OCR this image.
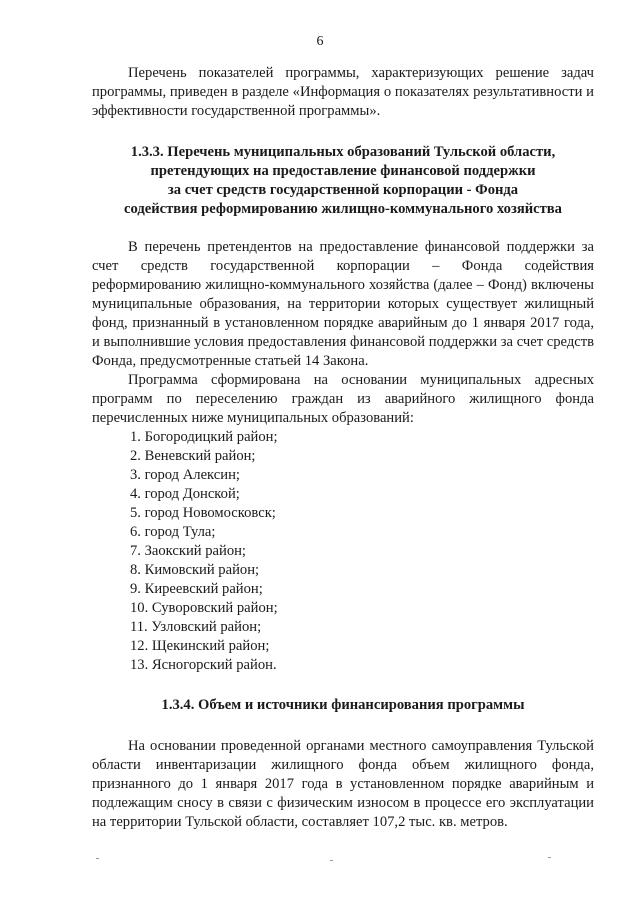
6

Перечень показателей программы, характеризующих решение задач программы, приведен в разделе «Информация о показателях результативности и эффективности государственной программы».

1.3.3. Перечень муниципальных образований Тульской области,
претендующих на предоставление финансовой поддержки
за счет средств государственной корпорации - Фонда
содействия реформированию жилищно-коммунального хозяйства

В перечень претендентов на предоставление финансовой поддержки за счет средств государственной корпорации – Фонда содействия реформированию жилищно-коммунального хозяйства (далее – Фонд) включены муниципальные образования, на территории которых существует жилищный фонд, признанный в установленном порядке аварийным до 1 января 2017 года, и выполнившие условия предоставления финансовой поддержки за счет средств Фонда, предусмотренные статьей 14 Закона.

Программа сформирована на основании муниципальных адресных программ по переселению граждан из аварийного жилищного фонда перечисленных ниже муниципальных образований:

1. Богородицкий район;
2. Веневский район;
3. город Алексин;
4. город Донской;
5. город Новомосковск;
6. город Тула;
7. Заокский район;
8. Кимовский район;
9. Киреевский район;
10. Суворовский район;
11. Узловский район;
12. Щекинский район;
13. Ясногорский район.
1.3.4. Объем и источники финансирования программы

На основании проведенной органами местного самоуправления Тульской области инвентаризации жилищного фонда объем жилищного фонда, признанного до 1 января 2017 года в установленном порядке аварийным и подлежащим сносу в связи с физическим износом в процессе его эксплуатации на территории Тульской области, составляет 107,2 тыс. кв. метров.
